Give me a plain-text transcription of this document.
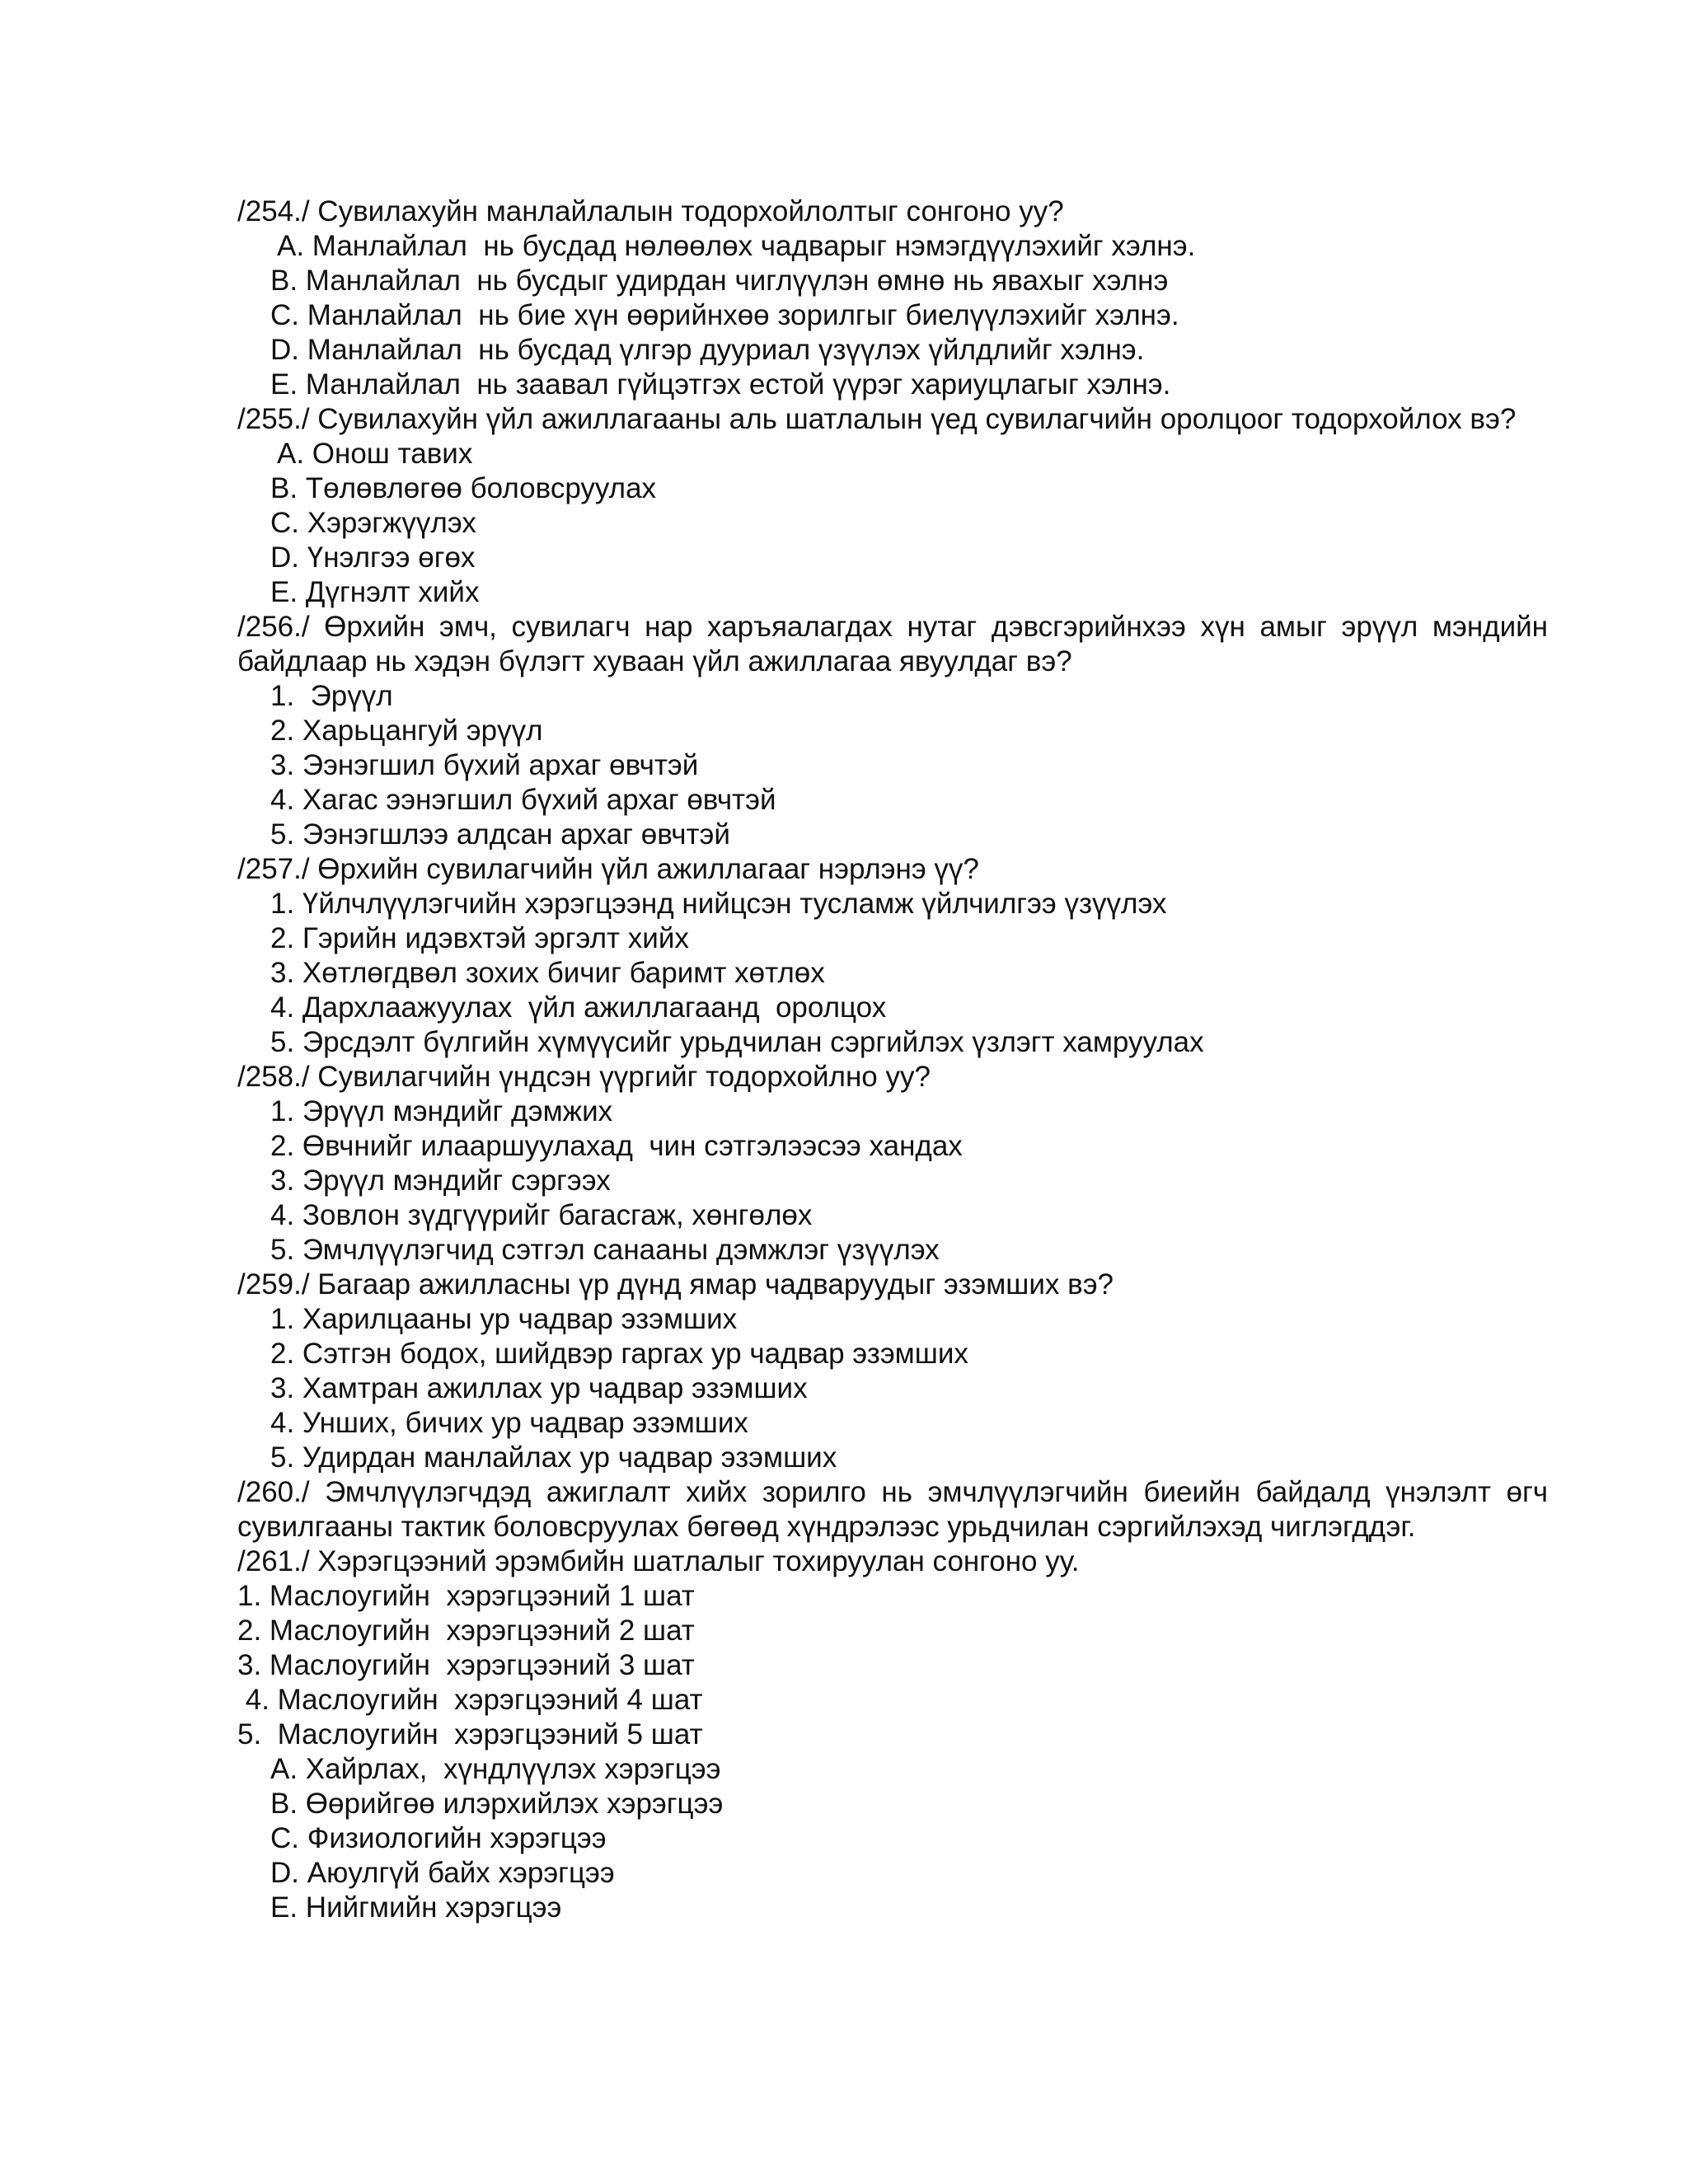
/254./ Сувилахуйн манлайлалын тодорхойлолтыг сонгоно уу?

A. Манлайлал  нь бусдад нөлөөлөх чадварыг нэмэгдүүлэхийг хэлнэ.

B. Манлайлал  нь бусдыг удирдан чиглүүлэн өмнө нь явахыг хэлнэ

C. Манлайлал  нь бие хүн өөрийнхөө зорилгыг биелүүлэхийг хэлнэ.

D. Манлайлал  нь бусдад үлгэр дууриал үзүүлэх үйлдлийг хэлнэ.

E. Манлайлал  нь заавал гүйцэтгэх естой үүрэг хариуцлагыг хэлнэ.

/255./ Сувилахуйн үйл ажиллагааны аль шатлалын үед сувилагчийн оролцоог тодорхойлох вэ?

A. Онош тавих

B. Төлөвлөгөө боловсруулах

C. Хэрэгжүүлэх

D. Үнэлгээ өгөх

E. Дүгнэлт хийх

/256./ Өрхийн эмч, сувилагч нар харъяалагдах нутаг дэвсгэрийнхээ хүн амыг эрүүл мэндийн байдлаар нь хэдэн бүлэгт хуваан үйл ажиллагаа явуулдаг вэ?

1.  Эрүүл

2. Харьцангуй эрүүл

3. Ээнэгшил бүхий архаг өвчтэй

4. Хагас ээнэгшил бүхий архаг өвчтэй

5. Ээнэгшлээ алдсан архаг өвчтэй

/257./ Өрхийн сувилагчийн үйл ажиллагааг нэрлэнэ үү?

1. Үйлчлүүлэгчийн хэрэгцээнд нийцсэн тусламж үйлчилгээ үзүүлэх

2. Гэрийн идэвхтэй эргэлт хийх

3. Хөтлөгдвөл зохих бичиг баримт хөтлөх

4. Дархлаажуулах  үйл ажиллагаанд  оролцох

5. Эрсдэлт бүлгийн хүмүүсийг урьдчилан сэргийлэх үзлэгт хамруулах

/258./ Сувилагчийн үндсэн үүргийг тодорхойлно уу?

1. Эрүүл мэндийг дэмжих

2. Өвчнийг илааршуулахад  чин сэтгэлээсээ хандах

3. Эрүүл мэндийг сэргээх

4. Зовлон зүдгүүрийг багасгаж, хөнгөлөх

5. Эмчлүүлэгчид сэтгэл санааны дэмжлэг үзүүлэх

/259./ Багаар ажилласны үр дүнд ямар чадваруудыг эзэмших вэ?

1. Харилцааны ур чадвар эзэмших

2. Сэтгэн бодох, шийдвэр гаргах ур чадвар эзэмших

3. Хамтран ажиллах ур чадвар эзэмших

4. Унших, бичих ур чадвар эзэмших

5. Удирдан манлайлах ур чадвар эзэмших

/260./ Эмчлүүлэгчдэд ажиглалт хийх зорилго нь эмчлүүлэгчийн биеийн байдалд үнэлэлт өгч сувилгааны тактик боловсруулах бөгөөд хүндрэлээс урьдчилан сэргийлэхэд чиглэгддэг.

/261./ Хэрэгцээний эрэмбийн шатлалыг тохируулан сонгоно уу.

1. Маслоугийн  хэрэгцээний 1 шат

2. Маслоугийн  хэрэгцээний 2 шат

3. Маслоугийн  хэрэгцээний 3 шат

4. Маслоугийн  хэрэгцээний 4 шат

5.  Маслоугийн  хэрэгцээний 5 шат

A. Хайрлах,  хүндлүүлэх хэрэгцээ

B. Өөрийгөө илэрхийлэх хэрэгцээ

C. Физиологийн хэрэгцээ

D. Аюулгүй байх хэрэгцээ

E. Нийгмийн хэрэгцээ
